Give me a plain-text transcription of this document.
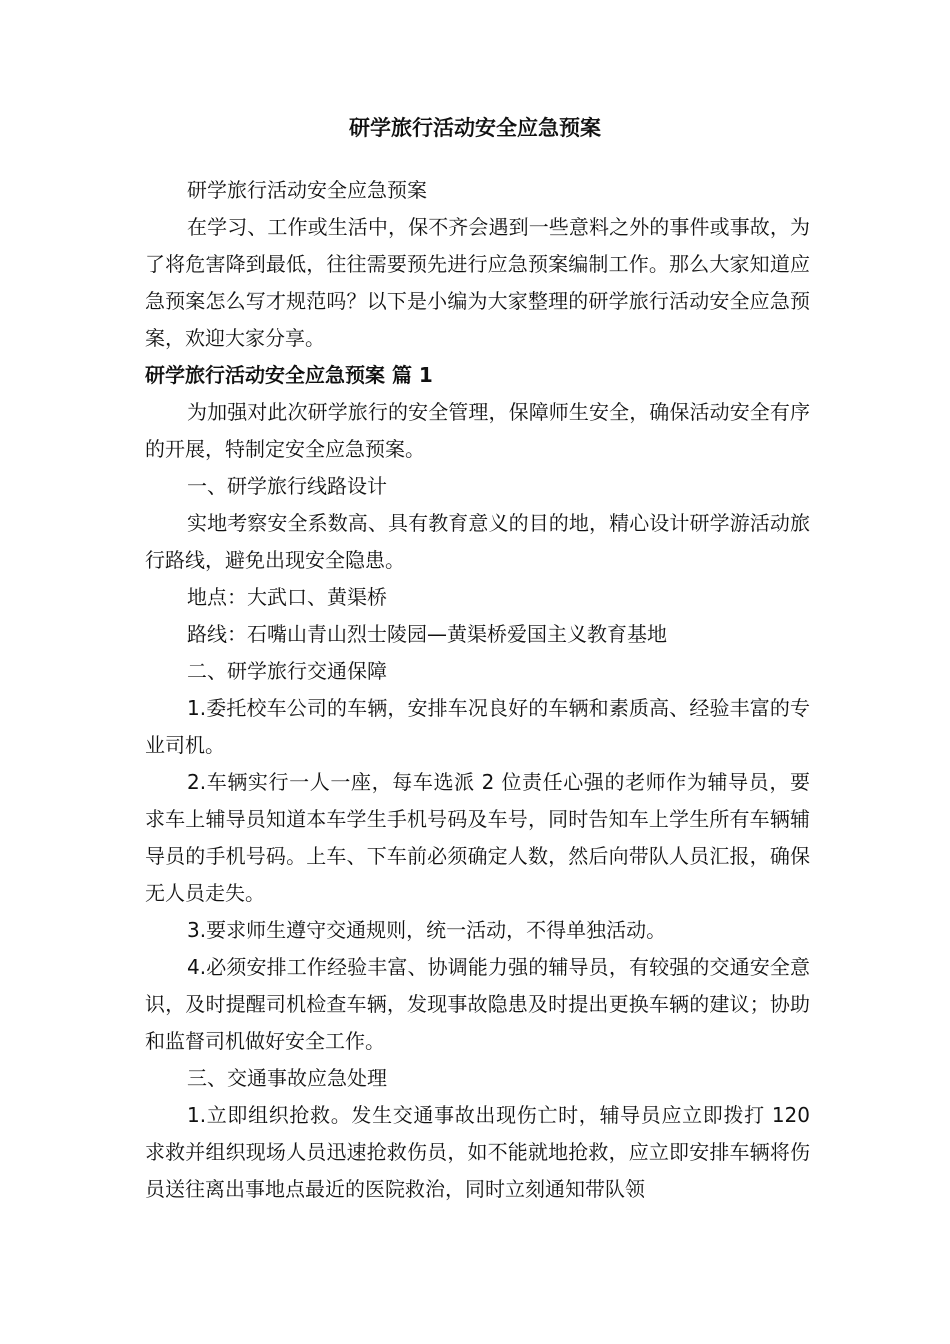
研学旅行活动安全应急预案

研学旅行活动安全应急预案

在学习、工作或生活中，保不齐会遇到一些意料之外的事件或事故，为了将危害降到最低，往往需要预先进行应急预案编制工作。那么大家知道应急预案怎么写才规范吗？以下是小编为大家整理的研学旅行活动安全应急预案，欢迎大家分享。

研学旅行活动安全应急预案 篇 1

为加强对此次研学旅行的安全管理，保障师生安全，确保活动安全有序的开展，特制定安全应急预案。

一、研学旅行线路设计

实地考察安全系数高、具有教育意义的目的地，精心设计研学游活动旅行路线，避免出现安全隐患。

地点：大武口、黄渠桥

路线：石嘴山青山烈士陵园—黄渠桥爱国主义教育基地

二、研学旅行交通保障

1.委托校车公司的车辆，安排车况良好的车辆和素质高、经验丰富的专业司机。

2.车辆实行一人一座，每车选派 2 位责任心强的老师作为辅导员，要求车上辅导员知道本车学生手机号码及车号，同时告知车上学生所有车辆辅导员的手机号码。上车、下车前必须确定人数，然后向带队人员汇报，确保无人员走失。

3.要求师生遵守交通规则，统一活动，不得单独活动。

4.必须安排工作经验丰富、协调能力强的辅导员，有较强的交通安全意识，及时提醒司机检查车辆，发现事故隐患及时提出更换车辆的建议；协助和监督司机做好安全工作。

三、交通事故应急处理

1.立即组织抢救。发生交通事故出现伤亡时，辅导员应立即拨打 120 求救并组织现场人员迅速抢救伤员，如不能就地抢救，应立即安排车辆将伤员送往离出事地点最近的医院救治，同时立刻通知带队领
